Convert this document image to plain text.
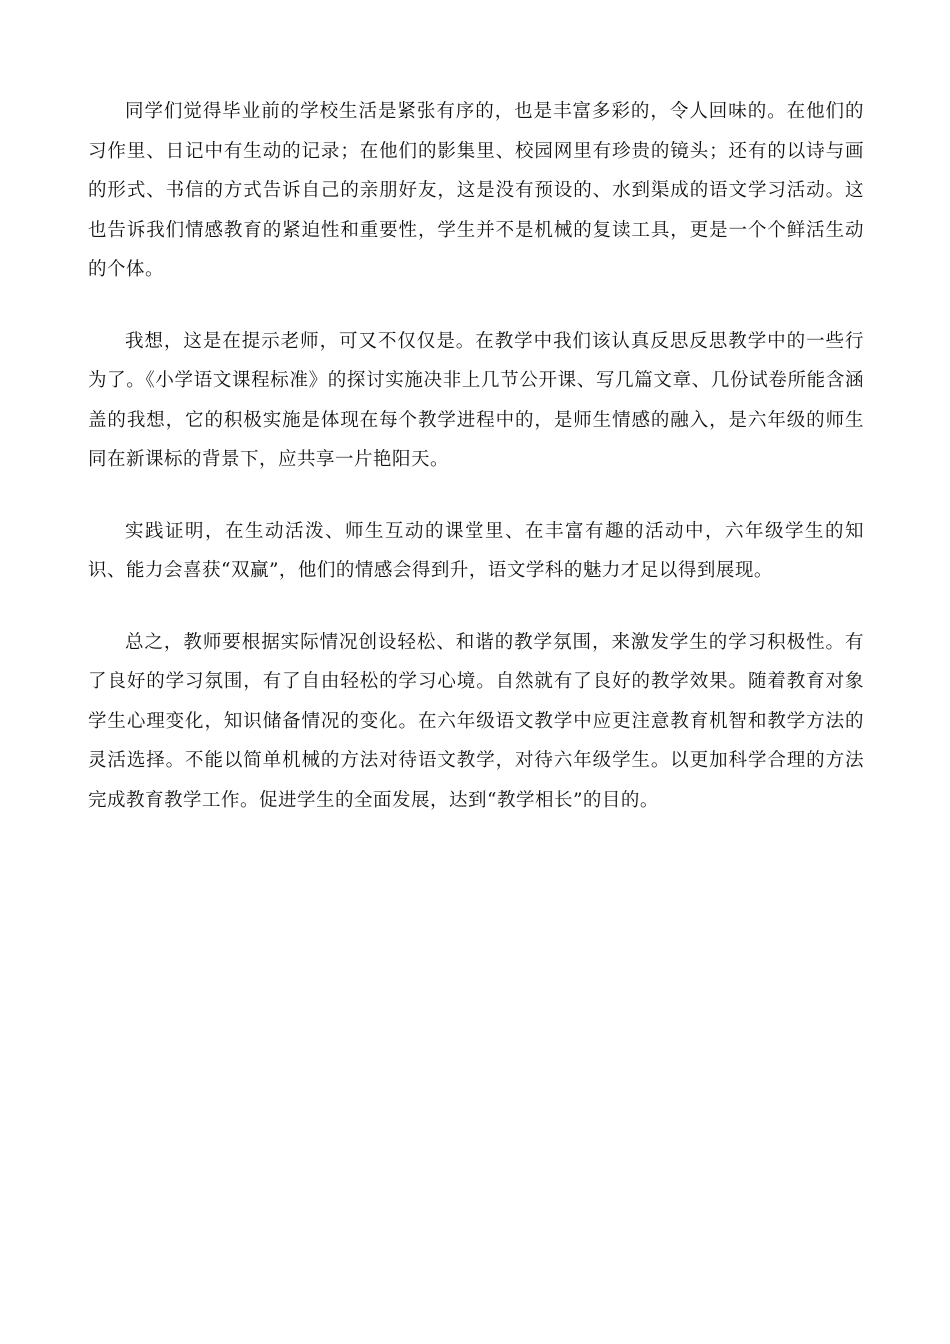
同学们觉得毕业前的学校生活是紧张有序的，也是丰富多彩的，令人回味的。在他们的习作里、日记中有生动的记录；在他们的影集里、校园网里有珍贵的镜头；还有的以诗与画的形式、书信的方式告诉自己的亲朋好友，这是没有预设的、水到渠成的语文学习活动。这也告诉我们情感教育的紧迫性和重要性，学生并不是机械的复读工具，更是一个个鲜活生动的个体。

我想，这是在提示老师，可又不仅仅是。在教学中我们该认真反思反思教学中的一些行为了。《小学语文课程标准》的探讨实施决非上几节公开课、写几篇文章、几份试卷所能含涵盖的我想，它的积极实施是体现在每个教学进程中的，是师生情感的融入，是六年级的师生同在新课标的背景下，应共享一片艳阳天。

实践证明，在生动活泼、师生互动的课堂里、在丰富有趣的活动中，六年级学生的知识、能力会喜获“双赢”，他们的情感会得到升，语文学科的魅力才足以得到展现。

总之，教师要根据实际情况创设轻松、和谐的教学氛围，来激发学生的学习积极性。有了良好的学习氛围，有了自由轻松的学习心境。自然就有了良好的教学效果。随着教育对象学生心理变化，知识储备情况的变化。在六年级语文教学中应更注意教育机智和教学方法的灵活选择。不能以简单机械的方法对待语文教学，对待六年级学生。以更加科学合理的方法完成教育教学工作。促进学生的全面发展，达到“教学相长”的目的。
